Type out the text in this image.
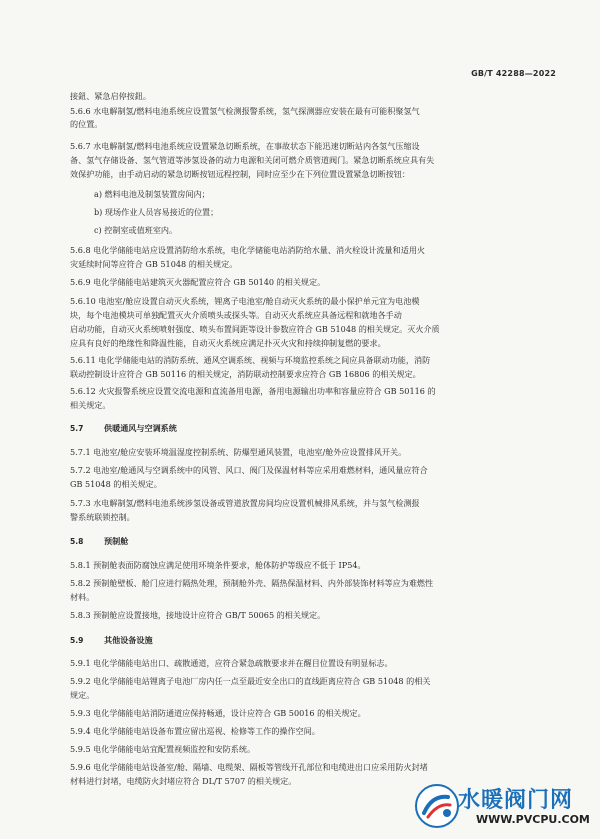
GB/T 42288—2022
接鈕、紧急启停按鈕。
5.6.6 水电解制氢/燃料电池系统应设置氢气检测报警系统，氢气探测器应安装在最有可能积聚氢气
的位置。
5.6.7 水电解制氢/燃料电池系统应设置紧急切断系统，在事故状态下能迅速切断站内各氢气压缩设
备、氢气存储设备、氢气管道等涉氢设备的动力电源和关闭可燃介质管道阀门。紧急切断系统应具有失
效保护功能，由手动启动的紧急切断按钮远程控制，同时应至少在下列位置设置紧急切断按钮：
a) 燃料电池及制氢装置房间内；
b) 现场作业人员容易接近的位置；
c) 控制室或值班室内。
5.6.8 电化学储能电站应设置消防给水系统，电化学储能电站消防给水量、消火栓设计流量和适用火
灾延续时间等应符合 GB 51048 的相关规定。
5.6.9 电化学储能电站建筑灭火器配置应符合 GB 50140 的相关规定。
5.6.10 电池室/舱应设置自动灭火系统，锂离子电池室/舱自动灭火系统的最小保护单元宜为电池模
块，每个电池模块可单独配置灭火介质喷头或探头等。自动灭火系统应具备远程和就地各手动
启动功能，自动灭火系统喷射强度、喷头布置间距等设计参数应符合 GB 51048 的相关规定。灭火介质
应具有良好的绝缘性和降温性能，自动灭火系统应满足扑灭火灾和持续抑制复燃的要求。
5.6.11 电化学储能电站的消防系统、通风空调系统、视频与环境监控系统之间应具备联动功能，消防
联动控制设计应符合 GB 50116 的相关规定，消防联动控制要求应符合 GB 16806 的相关规定。
5.6.12 火灾报警系统应设置交流电源和直流备用电源，备用电源输出功率和容量应符合 GB 50116 的
相关规定。
5.7	供暖通风与空调系统
5.7.1 电池室/舱应安装环境温湿度控制系统、防爆型通风装置，电池室/舱外应设置排风开关。
5.7.2 电池室/舱通风与空调系统中的风管、风口、阀门及保温材料等应采用难燃材料，通风量应符合
GB 51048 的相关规定。
5.7.3 水电解制氢/燃料电池系统涉氢设备或管道放置房间均应设置机械排风系统，并与氢气检测报
警系统联锁控制。
5.8	预制舱
5.8.1 预制舱表面防腐蚀应满足使用环境条件要求，舱体防护等级应不低于 IP54。
5.8.2 预制舱壁板、舱门应进行隔热处理，预制舱外壳、隔热保温材料、内外部装饰材料等应为难燃性
材料。
5.8.3 预制舱应设置接地，接地设计应符合 GB/T 50065 的相关规定。
5.9	其他设备设施
5.9.1 电化学储能电站出口、疏散通道，应符合紧急疏散要求并在醒目位置设有明显标志。
5.9.2 电化学储能电站锂离子电池厂房内任一点至最近安全出口的直线距离应符合 GB 51048 的相关
规定。
5.9.3 电化学储能电站消防通道应保持畅通，设计应符合 GB 50016 的相关规定。
5.9.4 电化学储能电站设备布置应留出巡视、检修等工作的操作空间。
5.9.5 电化学储能电站宜配置视频监控和安防系统。
5.9.6 电化学储能电站设备室/舱、隔墙、电缆架、隔板等管线开孔部位和电缆进出口应采用防火封堵
材料进行封堵，电缆防火封堵应符合 DL/T 5707 的相关规定。
水暖阀门网
WWW.PVCPU.COM
